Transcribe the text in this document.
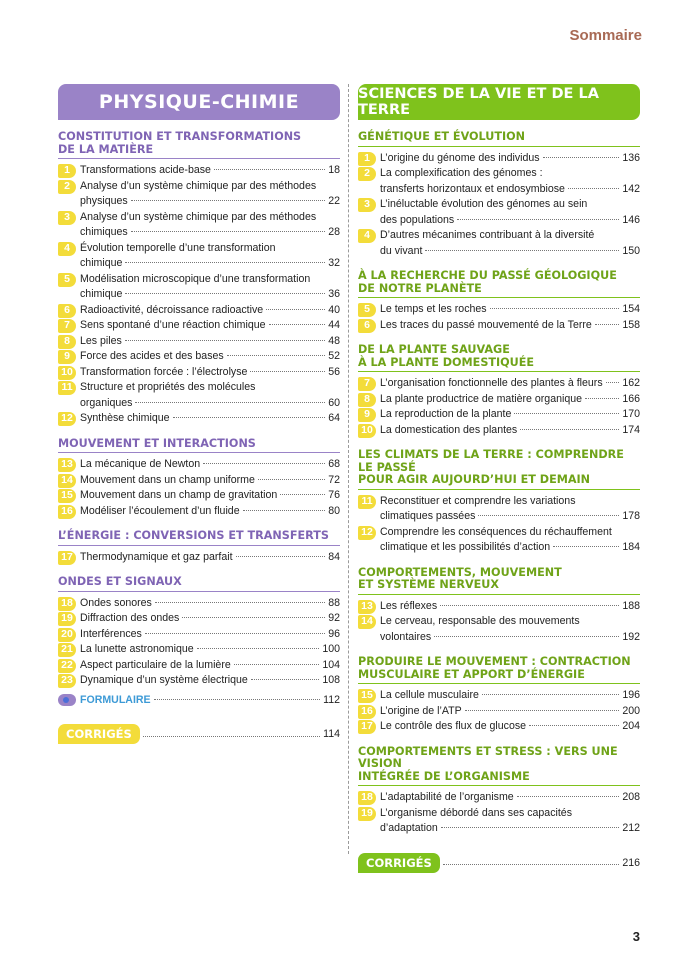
Sommaire
PHYSIQUE-CHIMIE
CONSTITUTION ET TRANSFORMATIONS
DE LA MATIÈRE
1 Transformations acide-base	18
2 Analyse d’un système chimique par des méthodes
physiques	22
3 Analyse d’un système chimique par des méthodes
chimiques	28
4 Évolution temporelle d’une transformation
chimique	32
5 Modélisation microscopique d’une transformation
chimique	36
6 Radioactivité, décroissance radioactive	40
7 Sens spontané d’une réaction chimique	44
8 Les piles	48
9 Force des acides et des bases	52
10 Transformation forcée : l’électrolyse	56
11 Structure et propriétés des molécules
organiques	60
12 Synthèse chimique	64
MOUVEMENT ET INTERACTIONS
13 La mécanique de Newton	68
14 Mouvement dans un champ uniforme	72
15 Mouvement dans un champ de gravitation	76
16 Modéliser l’écoulement d’un fluide	80
L’ÉNERGIE : CONVERSIONS ET TRANSFERTS
17 Thermodynamique et gaz parfait	84
ONDES ET SIGNAUX
18 Ondes sonores	88
19 Diffraction des ondes	92
20 Interférences	96
21 La lunette astronomique	100
22 Aspect particulaire de la lumière	104
23 Dynamique d’un système électrique	108
FORMULAIRE	112
CORRIGÉS	114
SCIENCES DE LA VIE ET DE LA TERRE
GÉNÉTIQUE ET ÉVOLUTION
1 L’origine du génome des individus	136
2 La complexification des génomes :
transferts horizontaux et endosymbiose	142
3 L’inéluctable évolution des génomes au sein
des populations	146
4 D’autres mécanimes contribuant à la diversité
du vivant	150
À LA RECHERCHE DU PASSÉ GÉOLOGIQUE
DE NOTRE PLANÈTE
5 Le temps et les roches	154
6 Les traces du passé mouvementé de la Terre	158
DE LA PLANTE SAUVAGE
À LA PLANTE DOMESTIQUÉE
7 L’organisation fonctionnelle des plantes à fleurs 162
8 La plante productrice de matière organique	166
9 La reproduction de la plante	170
10 La domestication des plantes	174
LES CLIMATS DE LA TERRE : COMPRENDRE LE PASSÉ
POUR AGIR AUJOURD’HUI ET DEMAIN
11 Reconstituer et comprendre les variations
climatiques passées	178
12 Comprendre les conséquences du réchauffement
climatique et les possibilités d’action	184
COMPORTEMENTS, MOUVEMENT
ET SYSTÈME NERVEUX
13 Les réflexes	188
14 Le cerveau, responsable des mouvements
volontaires	192
PRODUIRE LE MOUVEMENT : CONTRACTION
MUSCULAIRE ET APPORT D’ÉNERGIE
15 La cellule musculaire	196
16 L’origine de l’ATP	200
17 Le contrôle des flux de glucose	204
COMPORTEMENTS ET STRESS : VERS UNE VISION
INTÉGRÉE DE L’ORGANISME
18 L’adaptabilité de l’organisme	208
19 L’organisme débordé dans ses capacités
d’adaptation	212
CORRIGÉS	216
3
